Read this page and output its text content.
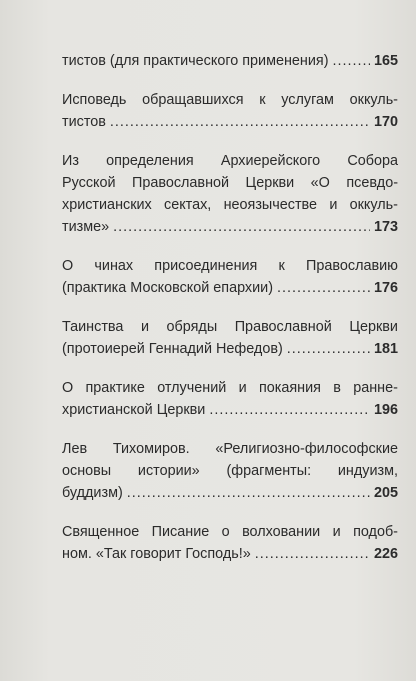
тистов (для практического применения) . . .	165
Исповедь обращавшихся к услугам оккуль-
тистов . . .	170
Из определения Архиерейского Собора
Русской Православной Церкви «О псевдо-
христианских сектах, неоязычестве и оккуль-
тизме» . . .	173
О чинах присоединения к Православию
(практика Московской епархии) . . .	176
Таинства и обряды Православной Церкви
(протоиерей Геннадий Нефедов) . . .	181
О практике отлучений и покаяния в ранне-
христианской Церкви . . .	196
Лев Тихомиров. «Религиозно-философские
основы истории» (фрагменты: индуизм,
буддизм) . . .	205
Священное Писание о волховании и подоб-
ном. «Так говорит Господь!» . . .	226
